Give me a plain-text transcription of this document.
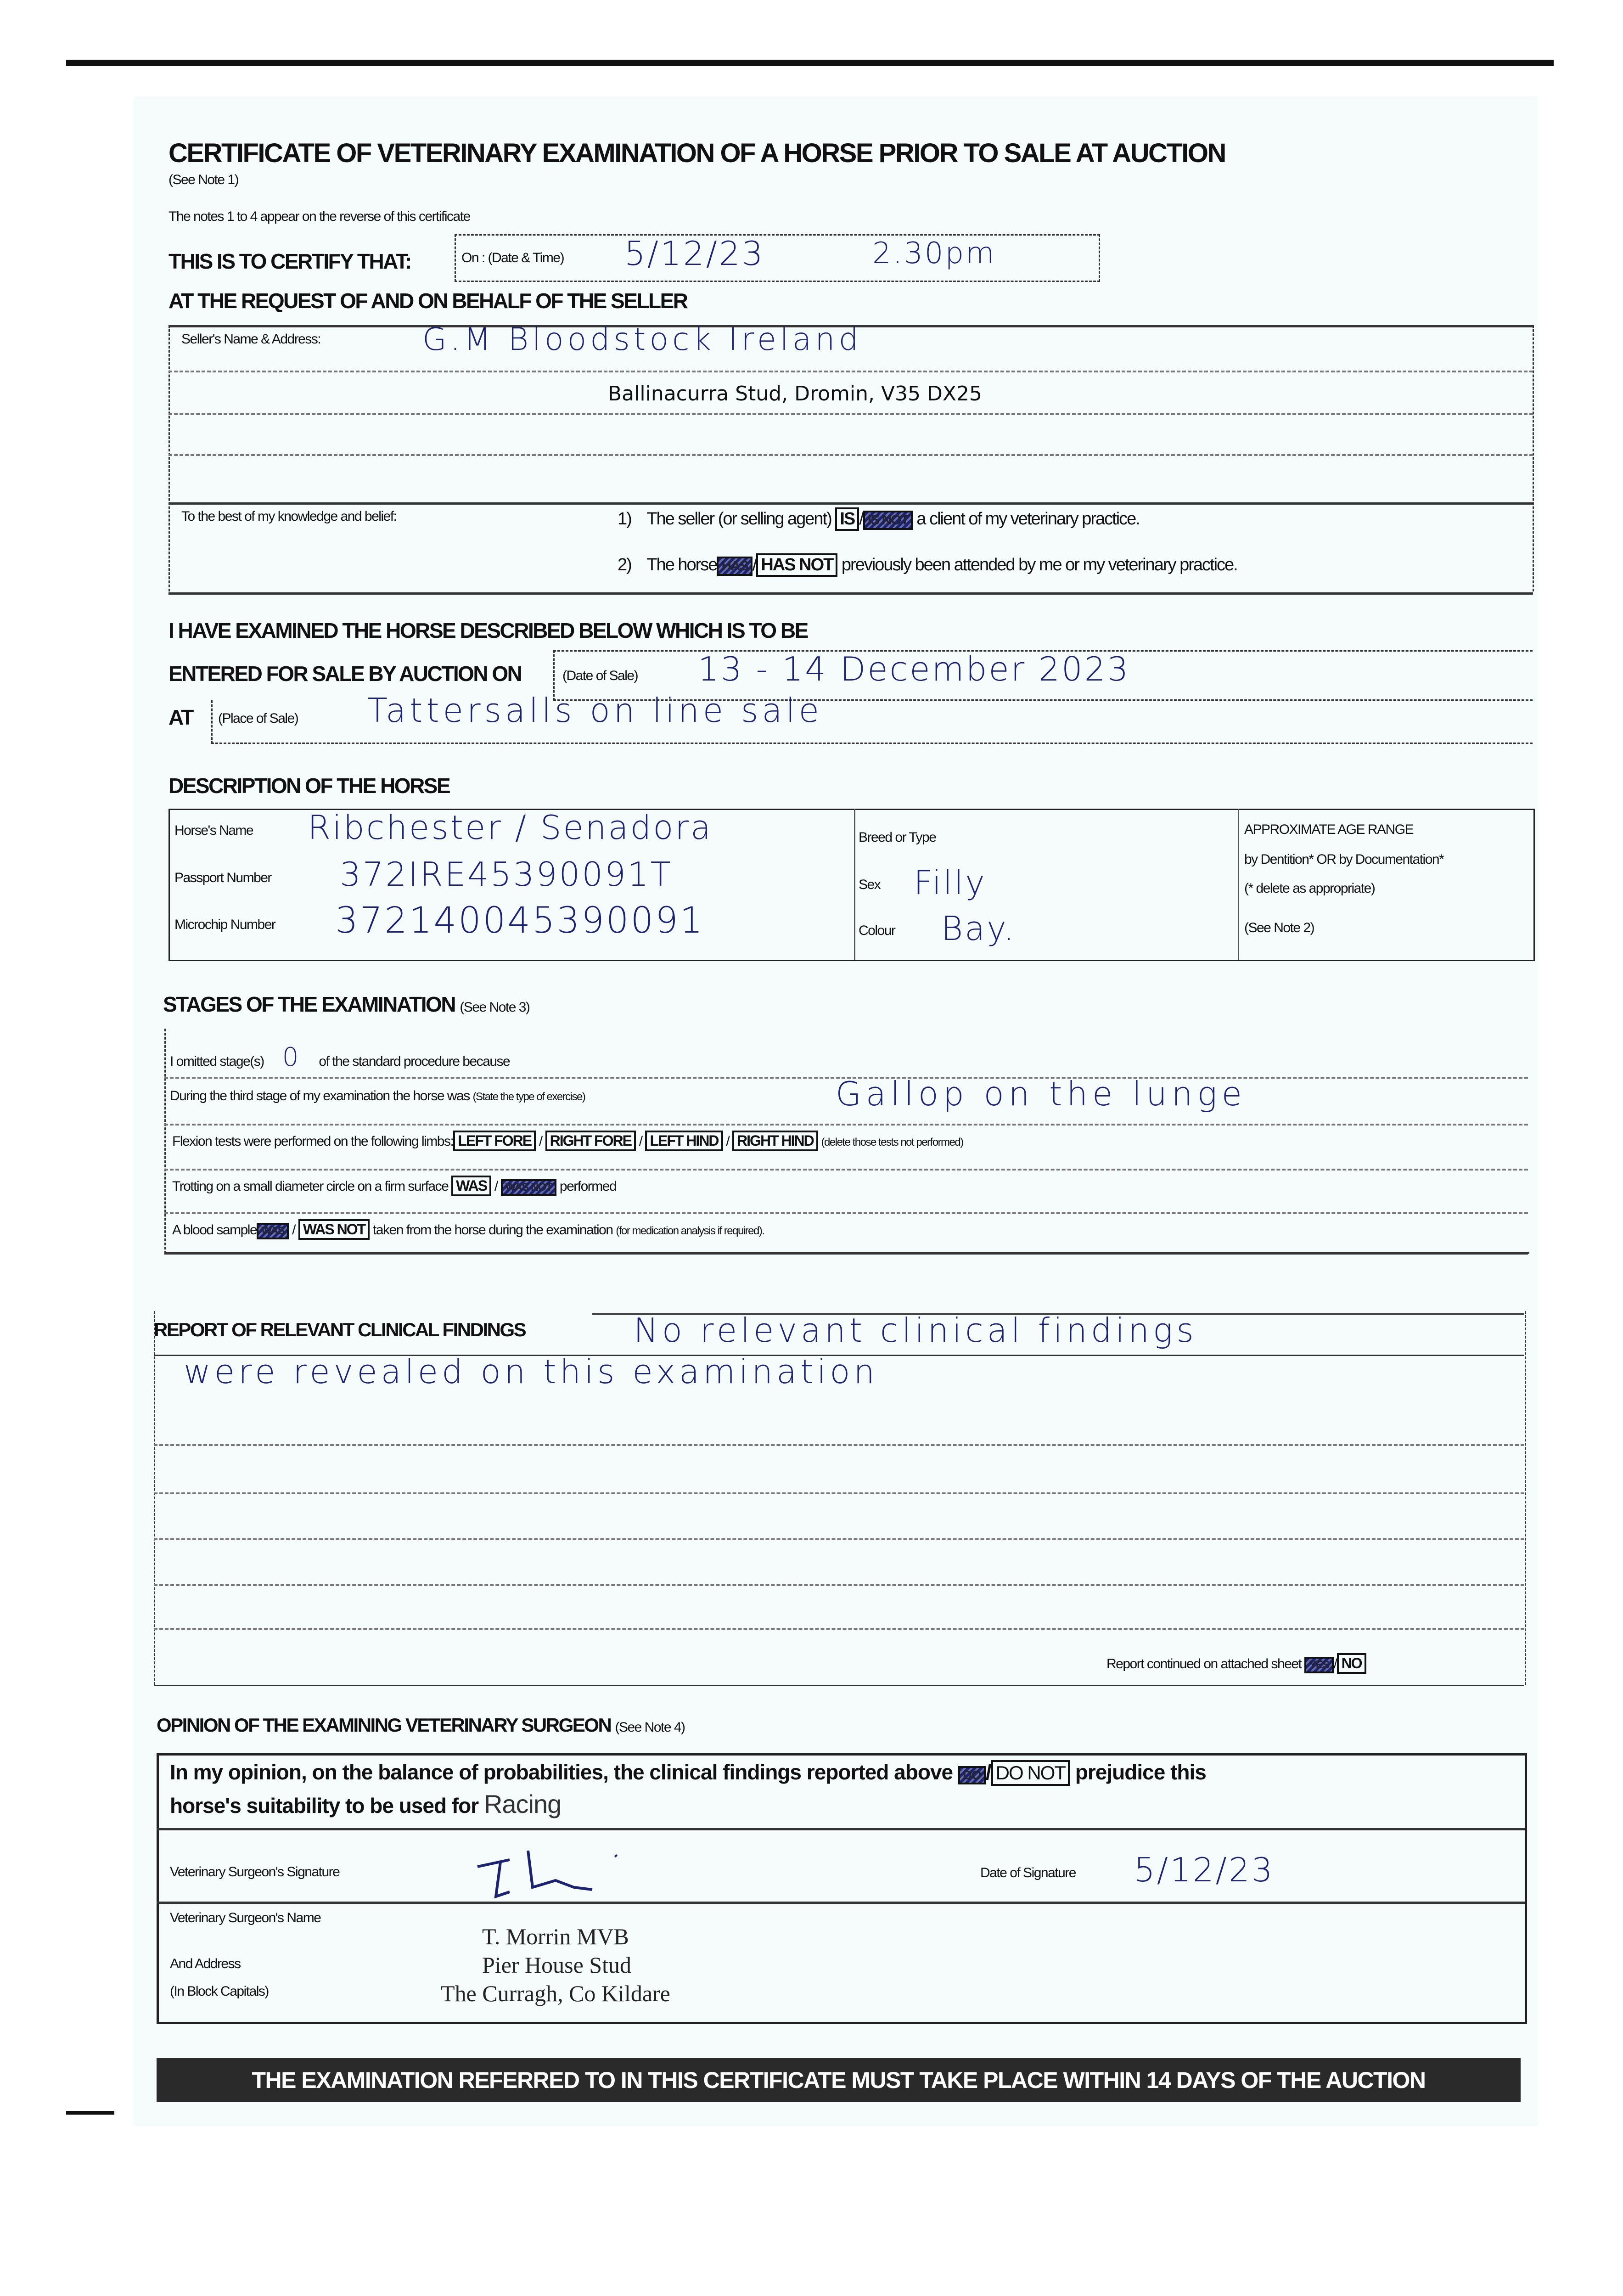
CERTIFICATE OF VETERINARY EXAMINATION OF A HORSE PRIOR TO SALE AT AUCTION
(See Note 1)
The notes 1 to 4 appear on the reverse of this certificate
THIS IS TO CERTIFY THAT:	On : (Date & Time) 5/12/23	2.30pm
AT THE REQUEST OF AND ON BEHALF OF THE SELLER
Seller's Name & Address:	G.M Bloodstock Ireland
Ballinacurra Stud, Dromin, V35 DX25
To the best of my knowledge and belief:	1) The seller (or selling agent) IS / IS NOT a client of my veterinary practice.
2) The horse HAS / HAS NOT previously been attended by me or my veterinary practice.
I HAVE EXAMINED THE HORSE DESCRIBED BELOW WHICH IS TO BE
ENTERED FOR SALE BY AUCTION ON	(Date of Sale) 13 - 14 December 2023
AT (Place of Sale) Tattersalls on line sale
DESCRIPTION OF THE HORSE
Horse's Name Ribchester / Senadora
Passport Number 372IRE45390091T
Microchip Number 372140045390091
Breed or Type
Sex Filly
Colour Bay.
APPROXIMATE AGE RANGE
by Dentition* OR by Documentation*
(* delete as appropriate)
(See Note 2)
STAGES OF THE EXAMINATION (See Note 3)
I omitted stage(s) 0 of the standard procedure because
During the third stage of my examination the horse was (State the type of exercise)	Gallop on the lunge
Flexion tests were performed on the following limbs: LEFT FORE / RIGHT FORE / LEFT HIND / RIGHT HIND (delete those tests not performed)
Trotting on a small diameter circle on a firm surface WAS / WAS NOT performed
A blood sample WAS / WAS NOT taken from the horse during the examination (for medication analysis if required).
REPORT OF RELEVANT CLINICAL FINDINGS	No relevant clinical findings
were revealed on this examination
Report continued on attached sheet YES / NO
OPINION OF THE EXAMINING VETERINARY SURGEON (See Note 4)
In my opinion, on the balance of probabilities, the clinical findings reported above DO / DO NOT prejudice this
horse's suitability to be used for Racing
Veterinary Surgeon's Signature	Date of Signature 5/12/23
Veterinary Surgeon's Name
And Address
(In Block Capitals)
T. Morrin MVB
Pier House Stud
The Curragh, Co Kildare
THE EXAMINATION REFERRED TO IN THIS CERTIFICATE MUST TAKE PLACE WITHIN 14 DAYS OF THE AUCTION
